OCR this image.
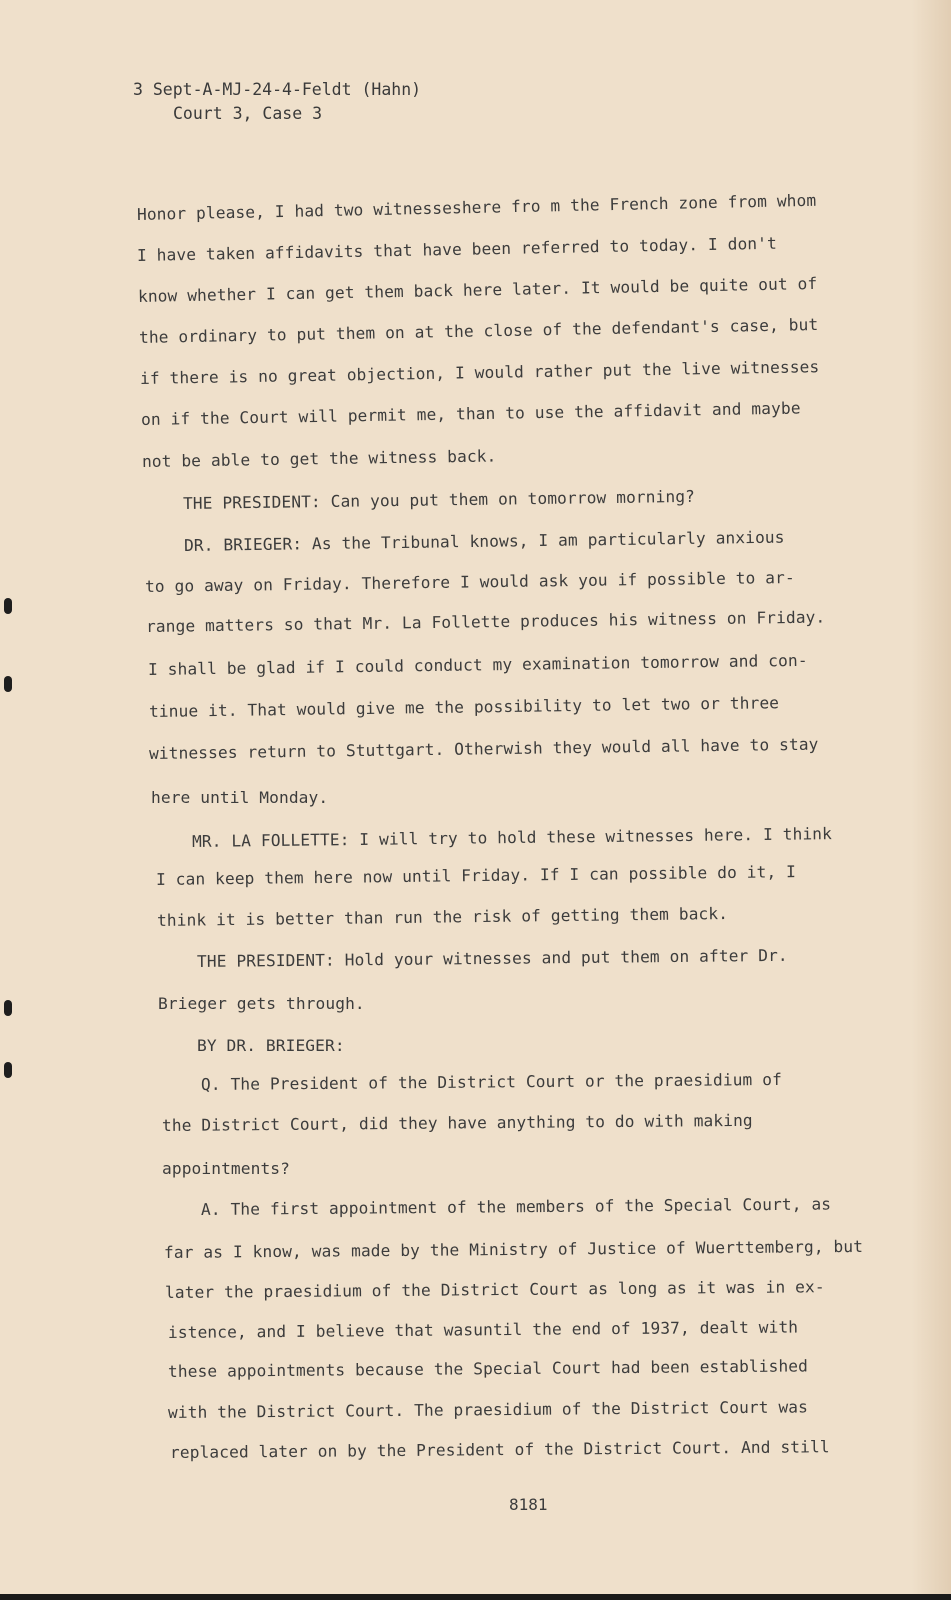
3 Sept-A-MJ-24-4-Feldt (Hahn)
Court 3, Case 3
Honor please, I had two witnesseshere fro m the French zone from whom
I have taken affidavits that have been referred to today. I don't
know whether I can get them back here later. It would be quite out of
the ordinary to put them on at the close of the defendant's case, but
if there is no great objection, I would rather put the live witnesses
on if the Court will permit me, than to use the affidavit and maybe
not be able to get the witness back.
THE PRESIDENT: Can you put them on tomorrow morning?
DR. BRIEGER: As the Tribunal knows, I am particularly anxious
to go away on Friday. Therefore I would ask you if possible to ar-
range matters so that Mr. La Follette produces his witness on Friday.
I shall be glad if I could conduct my examination tomorrow and con-
tinue it. That would give me the possibility to let two or three
witnesses return to Stuttgart. Otherwish they would all have to stay
here until Monday.
MR. LA FOLLETTE: I will try to hold these witnesses here. I think
I can keep them here now until Friday. If I can possible do it, I
think it is better than run the risk of getting them back.
THE PRESIDENT: Hold your witnesses and put them on after Dr.
Brieger gets through.
BY DR. BRIEGER:
Q. The President of the District Court or the praesidium of
the District Court, did they have anything to do with making
appointments?
A. The first appointment of the members of the Special Court, as
far as I know, was made by the Ministry of Justice of Wuerttemberg, but
later the praesidium of the District Court as long as it was in ex-
istence, and I believe that wasuntil the end of 1937, dealt with
these appointments because the Special Court had been established
with the District Court. The praesidium of the District Court was
replaced later on by the President of the District Court. And still
8181
